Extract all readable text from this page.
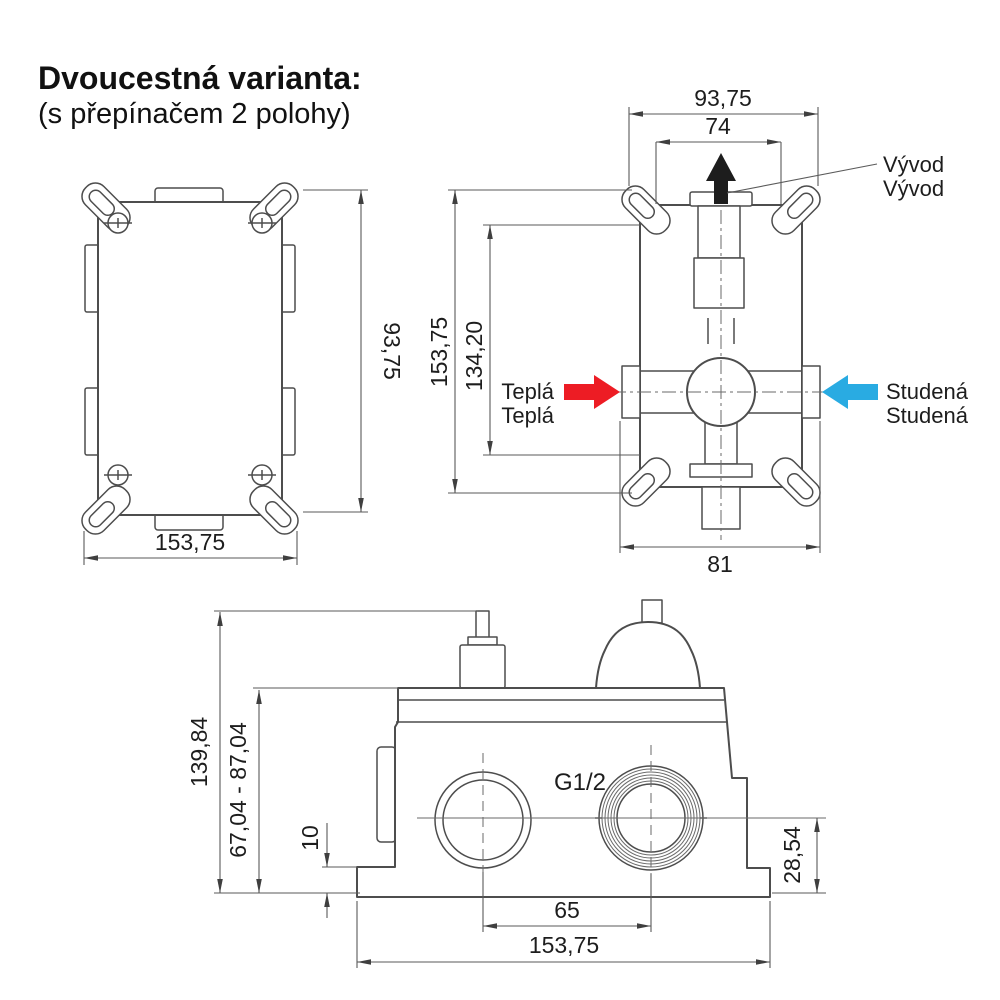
Dvoucestná varianta:
(s přepínačem 2 polohy)
93,75
153,75
Vývod
Vývod
93,75
74
153,75 134,20
Teplá
Teplá
Studená
Studená
81
G1/2
139,84 67,04 - 87,04 10
65
153,75
28,54
